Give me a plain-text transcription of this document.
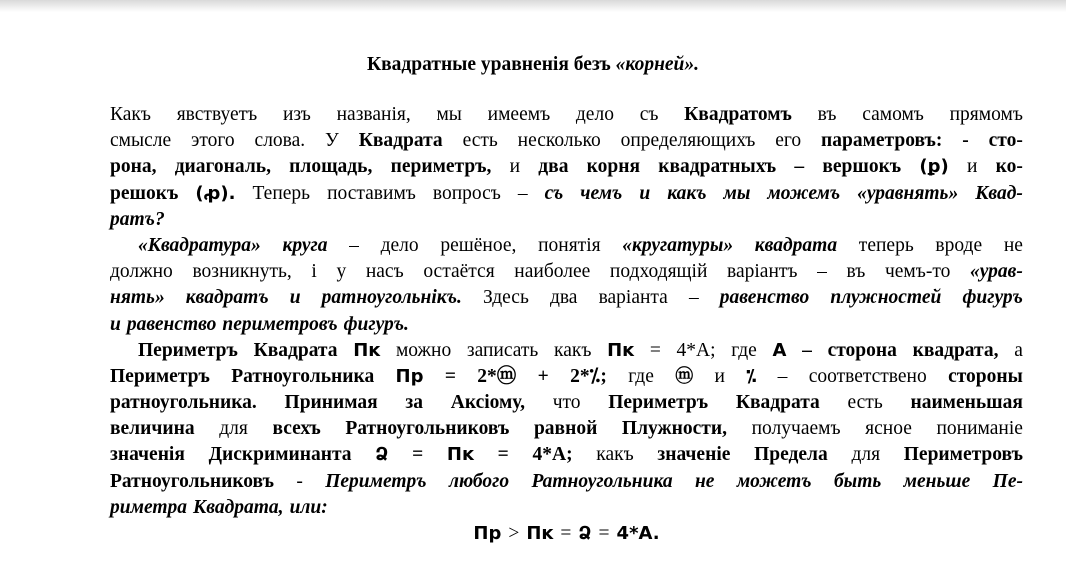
Квадратные уравненія безъ «корней».
Какъ явствуетъ изъ названія, мы имеемъ дело съ Квадратомъ въ самомъ прямомъ
смысле этого слова. У Квадрата есть несколько определяющихъ его параметровъ: - сто-
рона, диагональ, площадь, периметръ, и два корня квадратныхъ – вершокъ (ꝑ) и ко-
решокъ (ꝓ). Теперь поставимъ вопросъ – съ чемъ и какъ мы можемъ «уравнять» Квад-
ратъ?
«Квадратура» круга – дело решёное, понятія «кругатуры» квадрата теперь вроде не
должно возникнуть, і у насъ остаётся наиболее подходящій варіантъ – въ чемъ-то «урав-
нять» квадратъ и ратноугольнікъ. Здесь два варіанта – равенство плужностей фигуръ
и равенство периметровъ фигуръ.
Периметръ Квадрата Пĸ можно записать какъ Пĸ = 4*A; где A – сторона квадрата, а
Периметръ Ратноугольника Пр = 2*ⓜ + 2*⁒; где ⓜ и ⁒ – соответствено стороны
ратноугольника. Принимая за Аксіому, что Периметръ Квадрата есть наименьшая
величина для всехъ Ратноугольниковъ равной Плужности, получаемъ ясное пониманіе
значенія Дискриминанта Ձ = Пĸ = 4*A; какъ значеніе Предела для Периметровъ
Ратноугольниковъ - Периметръ любого Ратноугольника не можетъ быть меньше Пе-
риметра Квадрата, или:
Пр > Пĸ = Ձ = 4*A.
